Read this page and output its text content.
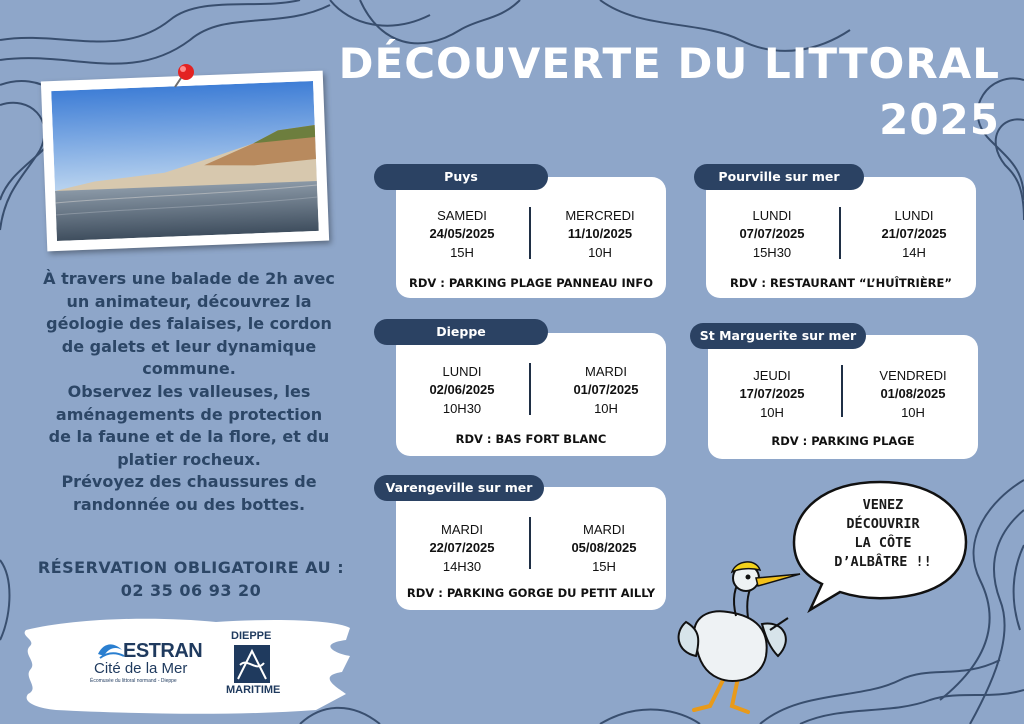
DÉCOUVERTE DU LITTORAL
2025
À travers une balade de 2h avec
un animateur, découvrez la
géologie des falaises, le cordon
de galets et leur dynamique
commune.
Observez les valleuses, les
aménagements de protection
de la faune et de la flore, et du
platier rocheux.
Prévoyez des chaussures de
randonnée ou des bottes.
RÉSERVATION OBLIGATOIRE AU :
02 35 06 93 20
ESTRAN
Cité de la Mer
Écomusée du littoral normand - Dieppe
DIEPPE
MARITIME
SAMEDI
24/05/2025
15H
MERCREDI
11/10/2025
10H
RDV : PARKING PLAGE PANNEAU INFO
Puys
LUNDI
07/07/2025
15H30
LUNDI
21/07/2025
14H
RDV : RESTAURANT “L’HUÎTRIÈRE”
Pourville sur mer
LUNDI
02/06/2025
10H30
MARDI
01/07/2025
10H
RDV : BAS FORT BLANC
Dieppe
JEUDI
17/07/2025
10H
VENDREDI
01/08/2025
10H
RDV : PARKING PLAGE
St Marguerite sur mer
MARDI
22/07/2025
14H30
MARDI
05/08/2025
15H
RDV : PARKING GORGE DU PETIT AILLY
Varengeville sur mer
VENEZ
DÉCOUVRIR
LA CÔTE
D’ALBÂTRE !!
